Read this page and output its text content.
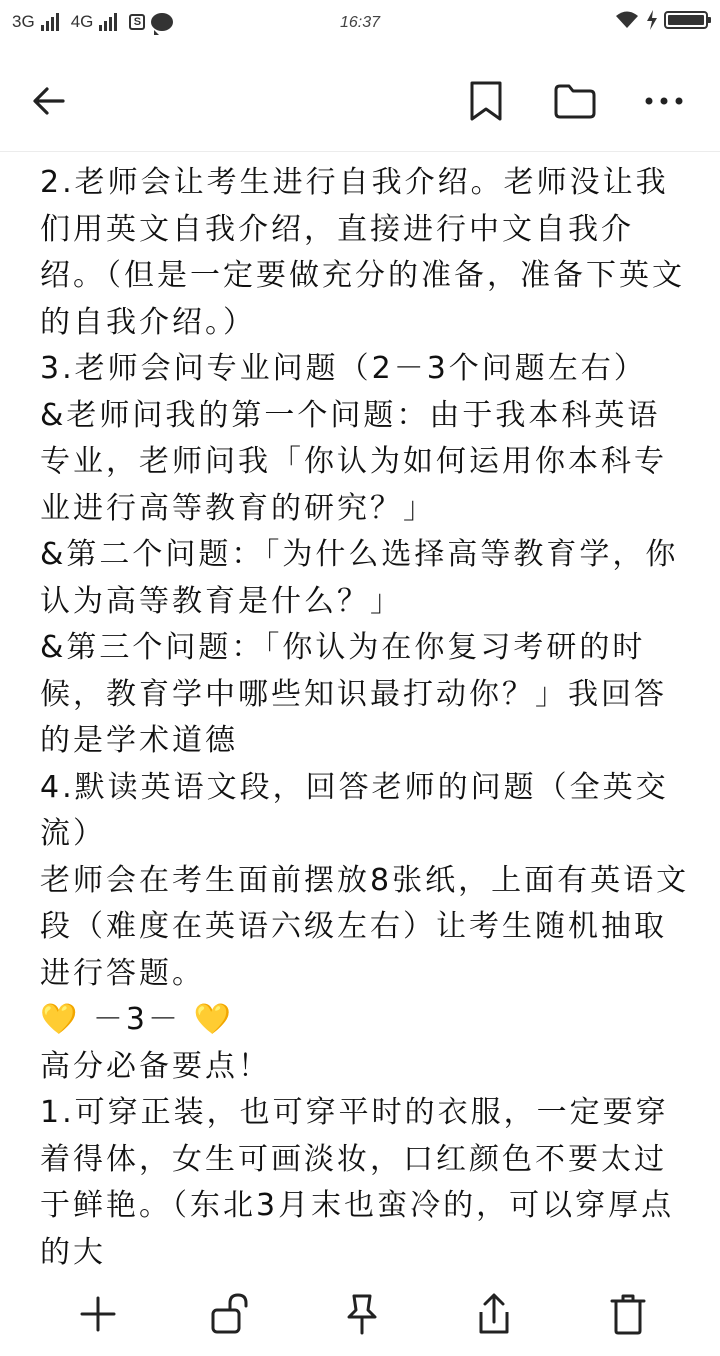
3G 4G	S	16:37

2.老师会让考生进行自我介绍。老师没让我们用英文自我介绍，直接进行中文自我介绍。（但是一定要做充分的准备，准备下英文的自我介绍。）

3.老师会问专业问题（2－3个问题左右）

&老师问我的第一个问题：由于我本科英语专业，老师问我「你认为如何运用你本科专业进行高等教育的研究？」

&第二个问题：「为什么选择高等教育学，你认为高等教育是什么？」

&第三个问题：「你认为在你复习考研的时候，教育学中哪些知识最打动你？」我回答的是学术道德

4.默读英语文段，回答老师的问题（全英交流）

老师会在考生面前摆放8张纸，上面有英语文段（难度在英语六级左右）让考生随机抽取进行答题。

💛 －3－ 💛

高分必备要点！

1.可穿正装，也可穿平时的衣服，一定要穿着得体，女生可画淡妆，口红颜色不要太过于鲜艳。（东北3月末也蛮冷的，可以穿厚点的大
